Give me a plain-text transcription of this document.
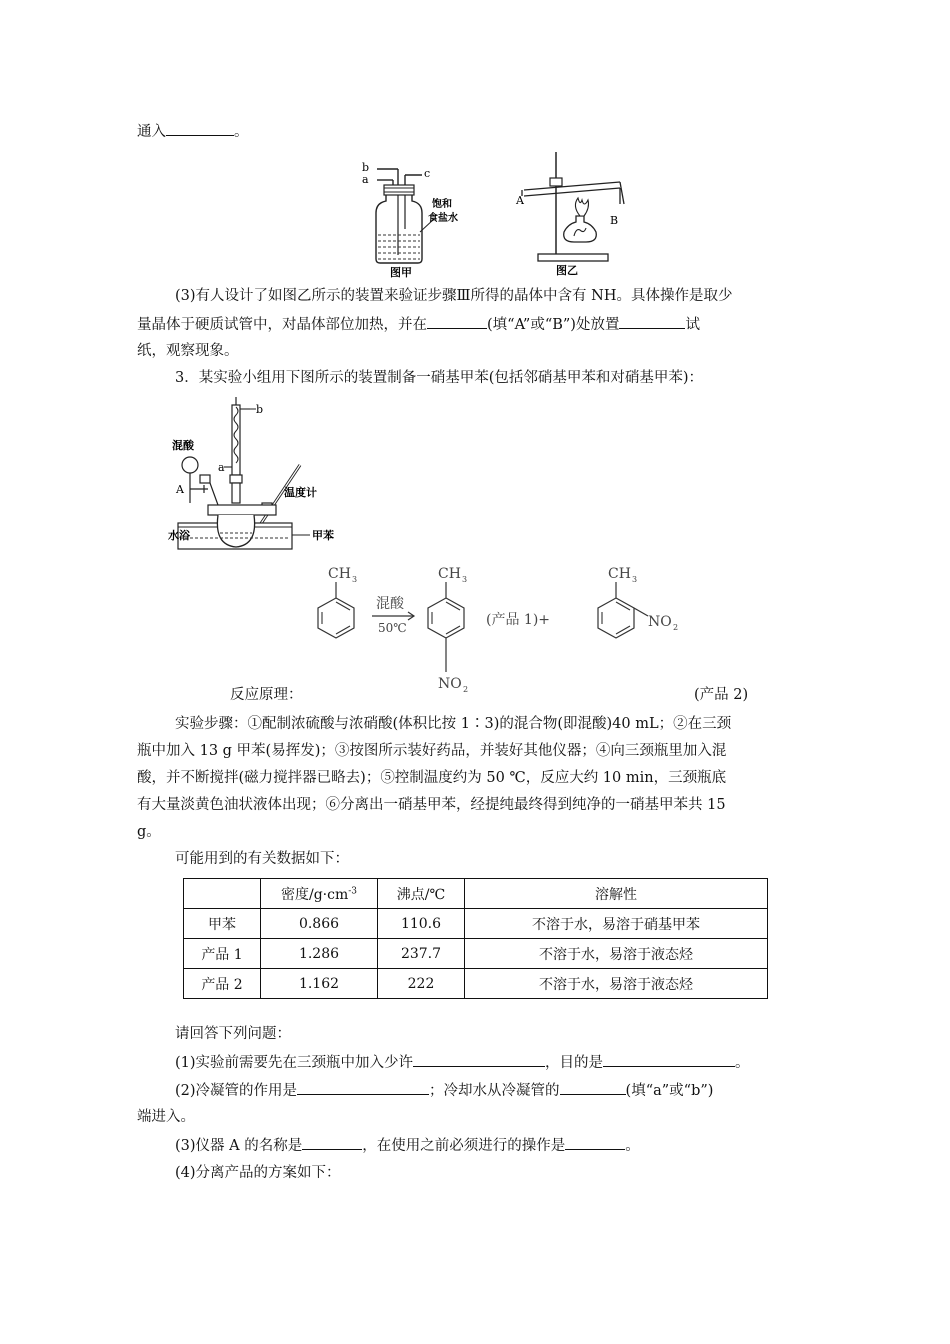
通入	。
b
a	c
饱和
食盐水
图甲
A
B
图乙
(3)有人设计了如图乙所示的装置来验证步骤Ⅲ所得的晶体中含有 NH。具体操作是取少
量晶体于硬质试管中，对晶体部位加热，并在	(填“A”或“B”)处放置	试
纸，观察现象。
3．某实验小组用下图所示的装置制备一硝基甲苯(包括邻硝基甲苯和对硝基甲苯)：
b
混酸
a
A	温度计
水浴	甲苯
CH 3
混酸
50℃
CH 3
NO 2
(产品 1)+
CH 3
NO 2
反应原理：	(产品 2)
实验步骤：①配制浓硫酸与浓硝酸(体积比按 1∶3)的混合物(即混酸)40 mL；②在三颈
瓶中加入 13 g 甲苯(易挥发)；③按图所示装好药品，并装好其他仪器；④向三颈瓶里加入混
酸，并不断搅拌(磁力搅拌器已略去)；⑤控制温度约为 50 ℃，反应大约 10 min，三颈瓶底
有大量淡黄色油状液体出现；⑥分离出一硝基甲苯，经提纯最终得到纯净的一硝基甲苯共 15
g。
可能用到的有关数据如下：
	密度$/g\cdot cm^{-3}$	沸点/℃	溶解性
甲苯	0.866	110.6	不溶于水，易溶于硝基甲苯
产品 1	1.286	237.7	不溶于水，易溶于液态烃
产品 2	1.162	222	不溶于水，易溶于液态烃
请回答下列问题：
(1)实验前需要先在三颈瓶中加入少许	，目的是	。
(2)冷凝管的作用是	；冷却水从冷凝管的	(填“a”或“b”)
端进入。
(3)仪器 A 的名称是	，在使用之前必须进行的操作是	。
(4)分离产品的方案如下：
